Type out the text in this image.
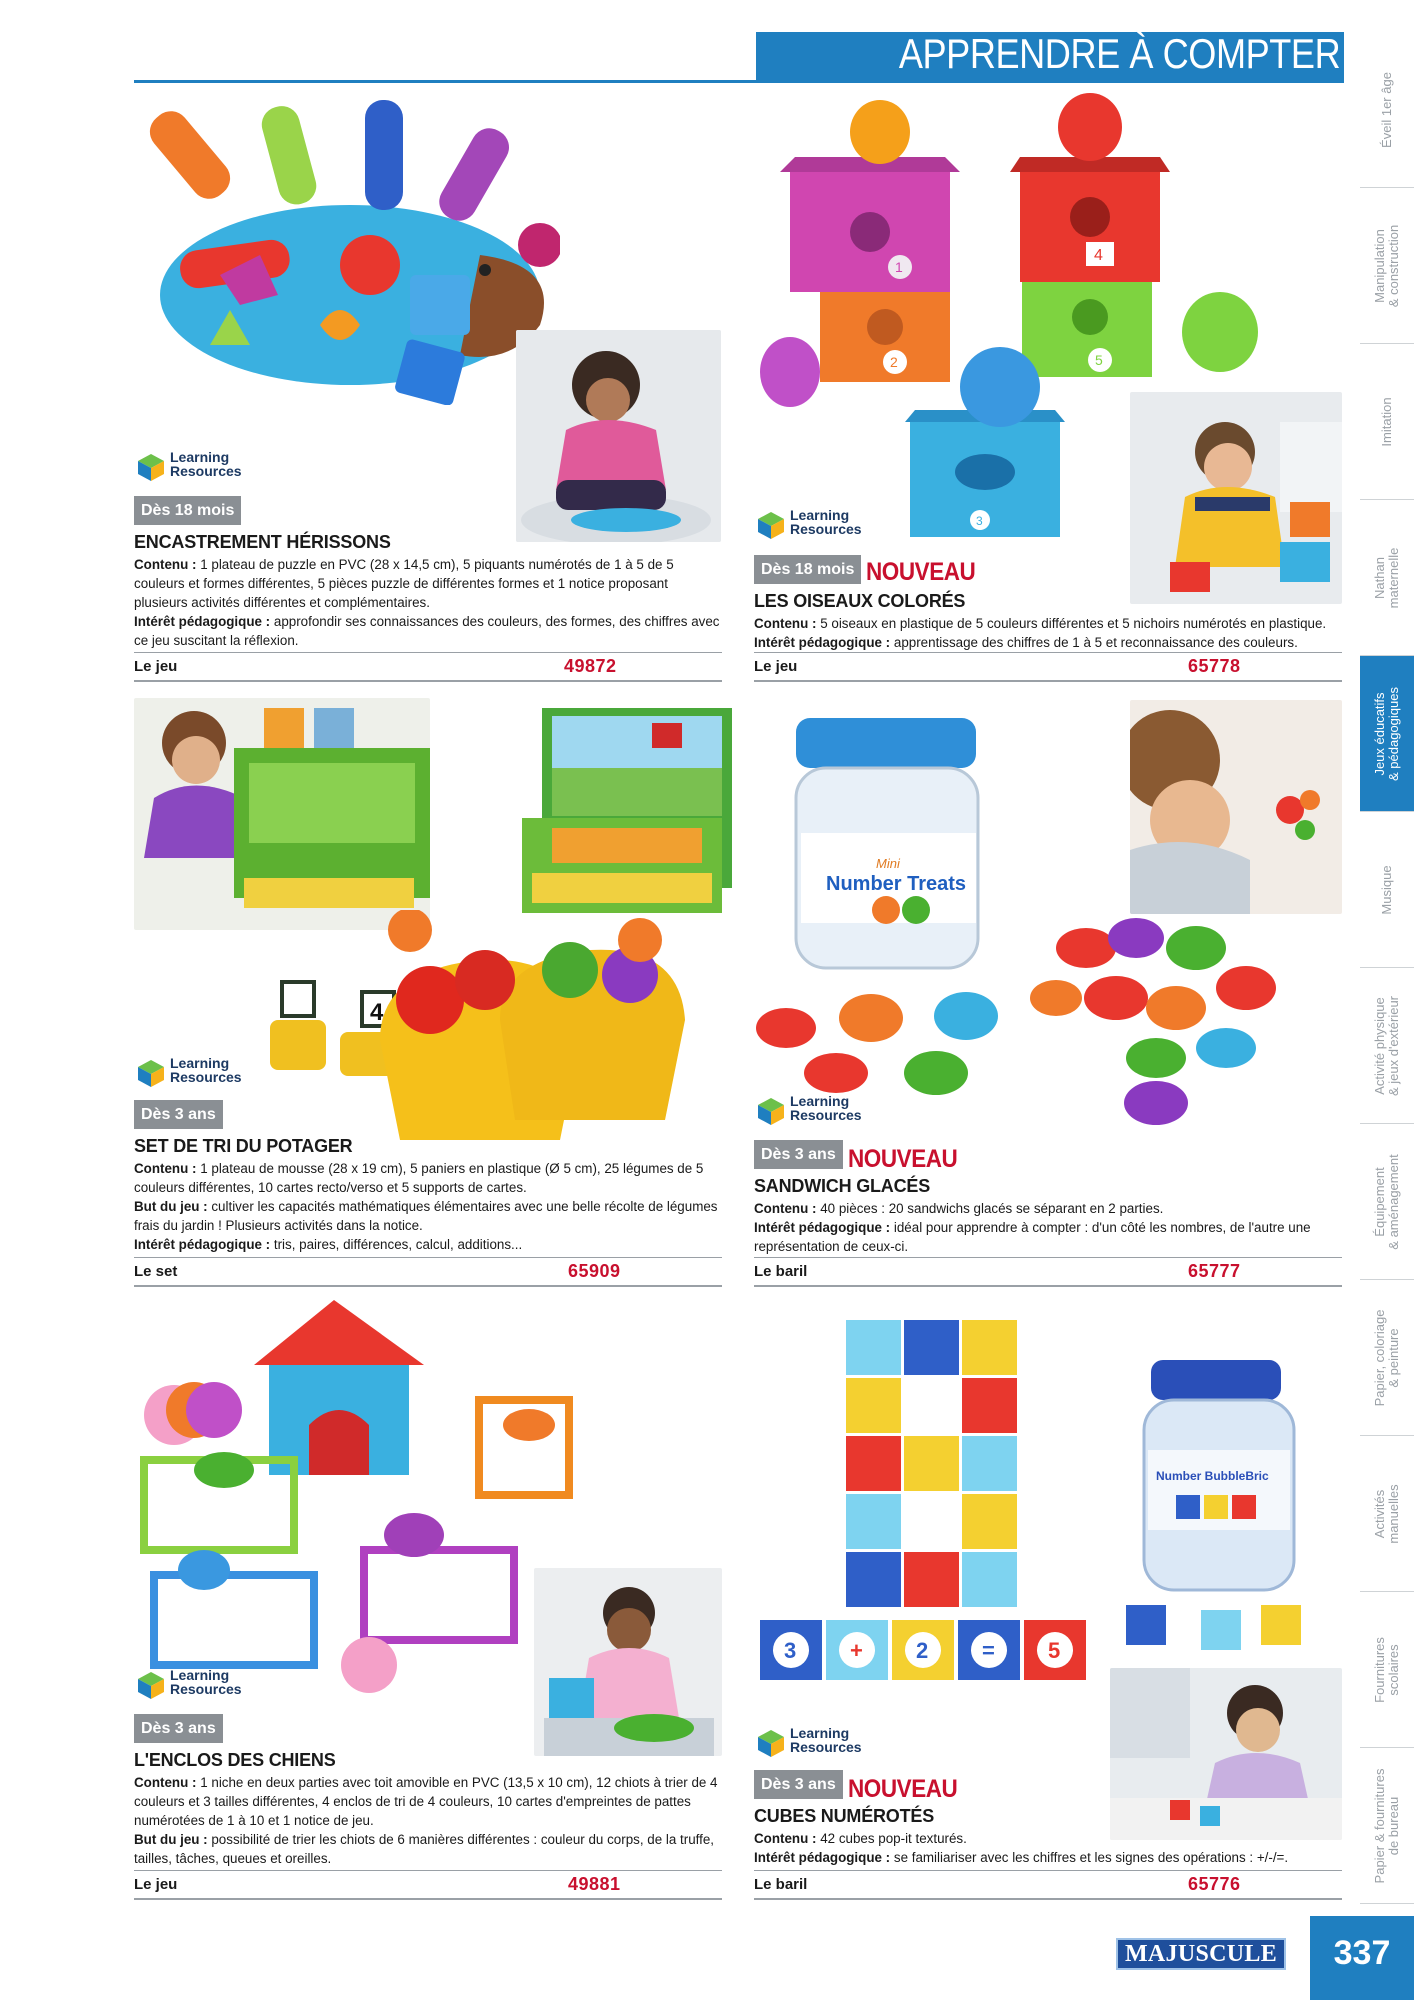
APPRENDRE À COMPTER
Éveil 1er âge
Manipulation
& construction
Imitation
Nathan
maternelle
Jeux éducatifs
& pédagogiques
Musique
Activité physique
& jeux d'extérieur
Équipement
& aménagement
Papier, coloriage
& peinture
Activités
manuelles
Fournitures
scolaires
Papier & fournitures
de bureau
Learning
Resources
Dès 18 mois
ENCASTREMENT HÉRISSONS

Contenu : 1 plateau de puzzle en PVC (28 x 14,5 cm), 5 piquants numérotés de 1 à 5 de 5 couleurs et formes différentes, 5 pièces puzzle de différentes formes et 1 notice proposant plusieurs activités différentes et complémentaires.

Intérêt pédagogique : approfondir ses connaissances des couleurs, des formes, des chiffres avec ce jeu suscitant la réflexion.

Le jeu	49872
1
2
4
5
3
Learning
Resources
Dès 18 mois NOUVEAU
LES OISEAUX COLORÉS

Contenu : 5 oiseaux en plastique de 5 couleurs différentes et 5 nichoirs numérotés en plastique.

Intérêt pédagogique : apprentissage des chiffres de 1 à 5 et reconnaissance des couleurs.

Le jeu	65778
4
Learning
Resources
Dès 3 ans
SET DE TRI DU POTAGER

Contenu : 1 plateau de mousse (28 x 19 cm), 5 paniers en plastique (Ø 5 cm), 25 légumes de 5 couleurs différentes, 10 cartes recto/verso et 5 supports de cartes.

But du jeu : cultiver les capacités mathématiques élémentaires avec une belle récolte de légumes frais du jardin ! Plusieurs activités dans la notice.

Intérêt pédagogique : tris, paires, différences, calcul, additions...

Le set	65909
Mini
Number Treats
Learning
Resources
Dès 3 ans NOUVEAU
SANDWICH GLACÉS

Contenu : 40 pièces : 20 sandwichs glacés se séparant en 2 parties.

Intérêt pédagogique : idéal pour apprendre à compter : d'un côté les nombres, de l'autre une représentation de ceux-ci.

Le baril	65777
Learning
Resources
Dès 3 ans
L'ENCLOS DES CHIENS

Contenu : 1 niche en deux parties avec toit amovible en PVC (13,5 x 10 cm), 12 chiots à trier de 4 couleurs et 3 tailles différentes, 4 enclos de tri de 4 couleurs, 10 cartes d'empreintes de pattes numérotées de 1 à 10 et 1 notice de jeu.

But du jeu : possibilité de trier les chiots de 6 manières différentes : couleur du corps, de la truffe, tailles, tâches, queues et oreilles.

Le jeu	49881
3 + 2 = 5
Number BubbleBric
Learning
Resources
Dès 3 ans NOUVEAU
CUBES NUMÉROTÉS

Contenu : 42 cubes pop-it texturés.

Intérêt pédagogique : se familiariser avec les chiffres et les signes des opérations : +/-/=.

Le baril	65776
MAJUSCULE	337
